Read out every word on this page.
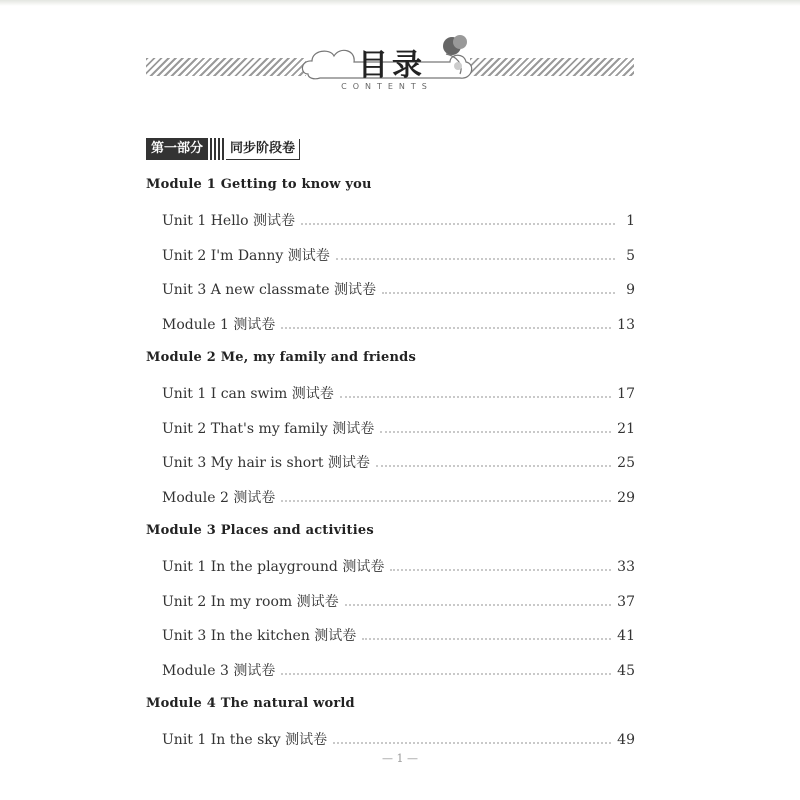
目录
CONTENTS
第一部分	同步阶段卷
Module 1 Getting to know you
Unit 1 Hello 测试卷	1
Unit 2 I'm Danny 测试卷	5
Unit 3 A new classmate 测试卷	9
Module 1 测试卷	13
Module 2 Me, my family and friends
Unit 1 I can swim 测试卷	17
Unit 2 That's my family 测试卷	21
Unit 3 My hair is short 测试卷	25
Module 2 测试卷	29
Module 3 Places and activities
Unit 1 In the playground 测试卷	33
Unit 2 In my room 测试卷	37
Unit 3 In the kitchen 测试卷	41
Module 3 测试卷	45
Module 4 The natural world
Unit 1 In the sky 测试卷	49
— 1 —
